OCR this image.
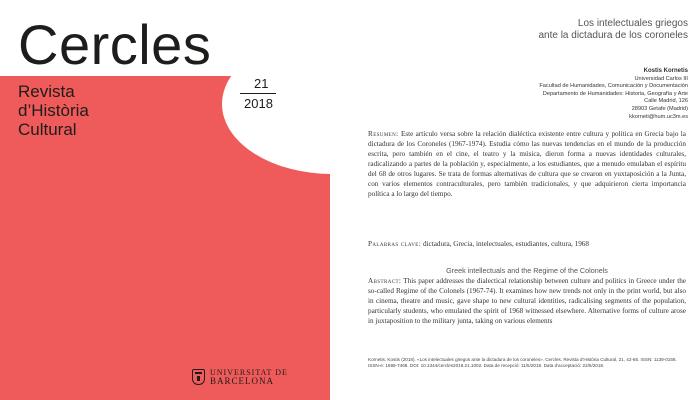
Cercles
Revista
d’Història
Cultural
21
2018
UNIVERSITAT DE
BARCELONA
Los intelectuales griegos
ante la dictadura de los coroneles
Kostis Kornetis
Universidad Carlos III
Facultad de Humanidades, Comunicación y Documentación
Departamento de Humanidades: Historia, Geografía y Arte
Calle Madrid, 126
28903 Getafe (Madrid)
kkorneti@hum.uc3m.es
Resumen: Este artículo versa sobre la relación dialéctica existente entre cultura y política en Grecia bajo la dictadura de los Coroneles (1967-1974). Estudia cómo las nuevas tendencias en el mundo de la producción escrita, pero también en el cine, el teatro y la música, dieron forma a nuevas identidades culturales, radicalizando a partes de la población y, especialmente, a los estudiantes, que a menudo emulaban el espíritu del 68 de otros lugares. Se trata de formas alternativas de cultura que se crearon en yuxtaposición a la Junta, con varios elementos contraculturales, pero también tradicionales, y que adquirieron cierta importancia política a lo largo del tiempo.
Palabras clave: dictadura, Grecia, intelectuales, estudiantes, cultura, 1968
Greek intellectuals and the Regime of the Colonels
Abstract: This paper addresses the dialectical relationship between culture and politics in Greece under the so-called Regime of the Colonels (1967-74). It examines how new trends not only in the print world, but also in cinema, theatre and music, gave shape to new cultural identities, radicalising segments of the population, particularly students, who emulated the spirit of 1968 witnessed elsewhere. Alternative forms of culture arose in juxtaposition to the military junta, taking on various elements
Kornetis, Kostis (2018). «Los intelectuales griegos ante la dictadura de los coroneles». Cercles. Revista d'Història Cultural, 21, 42-66. ISSN: 1139-0158. ISSN-e: 1699-7468. DOI: 10.1344/cercles2018.21.1002. Data de recepció: 11/5/2018. Data d'acceptació: 22/6/2018.
